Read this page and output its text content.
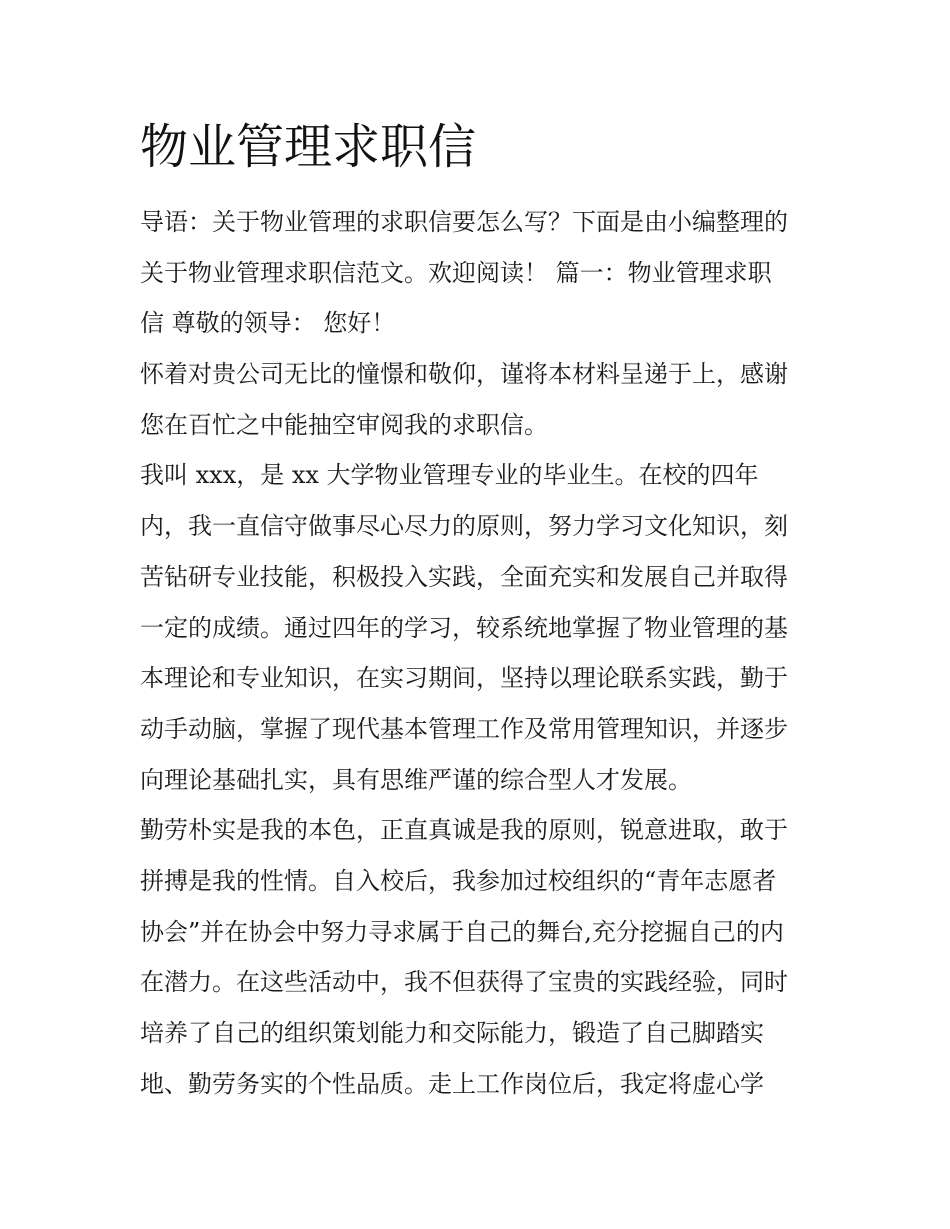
物业管理求职信
导语：关于物业管理的求职信要怎么写？下面是由小编整理的
关于物业管理求职信范文。欢迎阅读！ 篇一：物业管理求职
信 尊敬的领导： 您好！
怀着对贵公司无比的憧憬和敬仰，谨将本材料呈递于上，感谢
您在百忙之中能抽空审阅我的求职信。
我叫 xxx，是 xx 大学物业管理专业的毕业生。在校的四年
内，我一直信守做事尽心尽力的原则，努力学习文化知识，刻
苦钻研专业技能，积极投入实践，全面充实和发展自己并取得
一定的成绩。通过四年的学习，较系统地掌握了物业管理的基
本理论和专业知识，在实习期间，坚持以理论联系实践，勤于
动手动脑，掌握了现代基本管理工作及常用管理知识，并逐步
向理论基础扎实，具有思维严谨的综合型人才发展。
勤劳朴实是我的本色，正直真诚是我的原则，锐意进取，敢于
拼搏是我的性情。自入校后，我参加过校组织的“青年志愿者
协会”并在协会中努力寻求属于自己的舞台,充分挖掘自己的内
在潜力。在这些活动中，我不但获得了宝贵的实践经验，同时
培养了自己的组织策划能力和交际能力，锻造了自己脚踏实
地、勤劳务实的个性品质。走上工作岗位后，我定将虚心学
